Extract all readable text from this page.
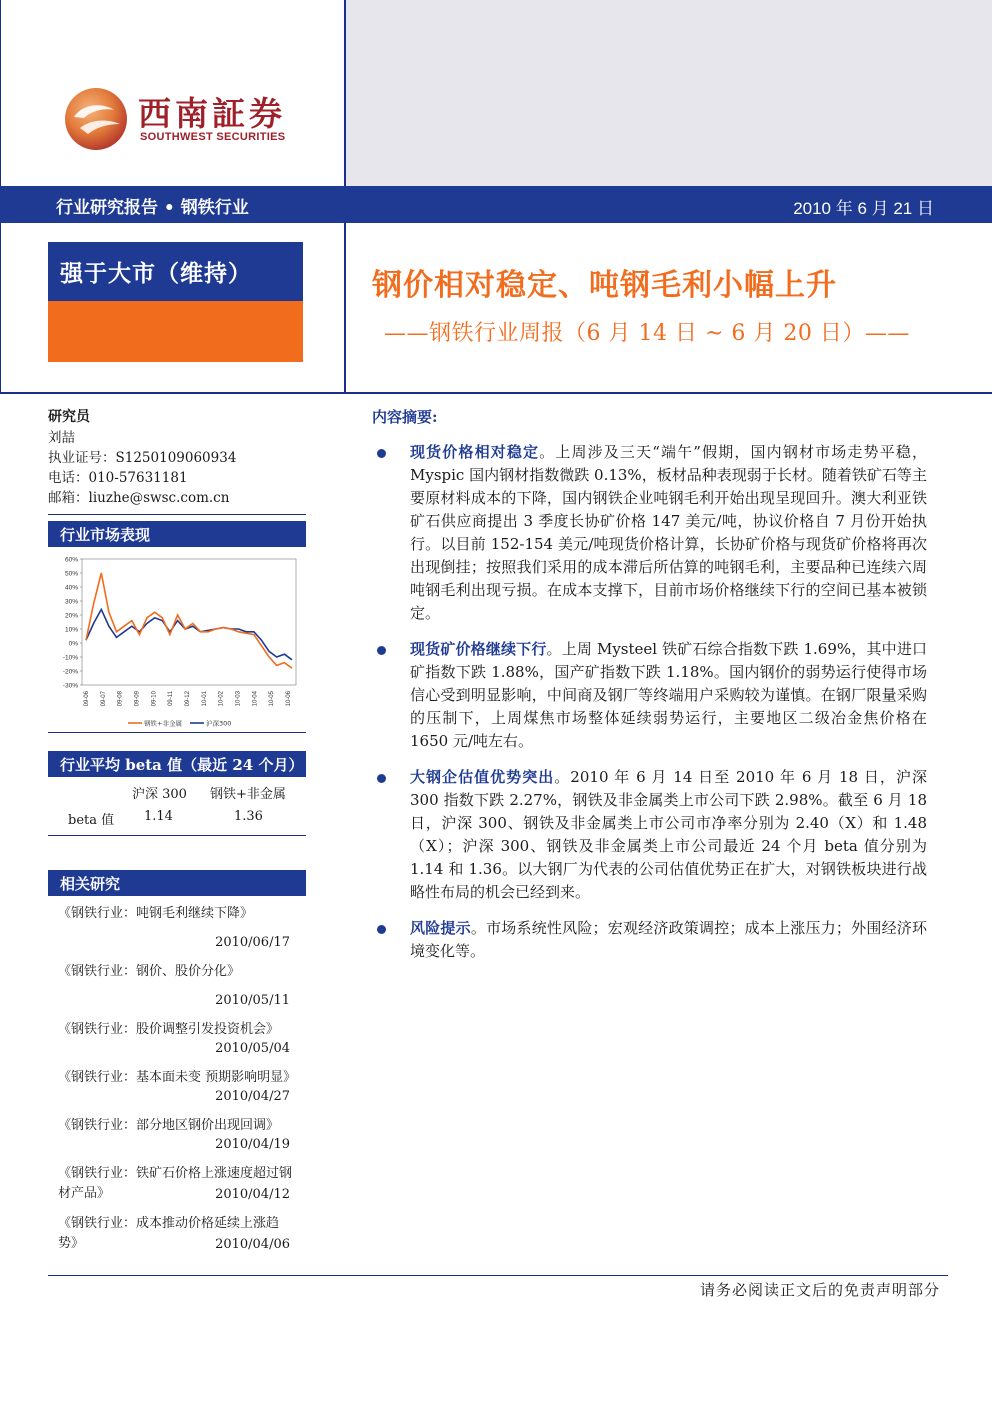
西南証券
SOUTHWEST SECURITIES
行业研究报告 • 钢铁行业	2010 年 6 月 21 日
强于大市（维持）	钢价相对稳定、吨钢毛利小幅上升
——钢铁行业周报（6 月 14 日 ~ 6 月 20 日）——
研究员
刘喆
执业证号：S1250109060934
电话：010-57631181
邮箱：liuzhe@swsc.com.cn
行业市场表现
60%
50%
40%
30%
20%
10%
0%
-10%
-20%
-30%
09-06 09-07 09-08 09-09 09-10 09-11 09-12 10-01 10-02 10-03 10-04 10-05 10-06
钢铁+非金属	沪深300
行业平均 beta 值（最近 24 个月）
沪深 300 钢铁+非金属
beta 值 1.14	1.36
相关研究
《钢铁行业：吨钢毛利继续下降》
2010/06/17
《钢铁行业：钢价、股价分化》
2010/05/11
《钢铁行业：股价调整引发投资机会》
2010/05/04
《钢铁行业：基本面未变 预期影响明显》
2010/04/27
《钢铁行业：部分地区钢价出现回调》
2010/04/19
《钢铁行业：铁矿石价格上涨速度超过钢材产品》	2010/04/12
《钢铁行业：成本推动价格延续上涨趋势》	2010/04/06
内容摘要:
现货价格相对稳定。上周涉及三天“端午”假期，国内钢材市场走势平稳，Myspic 国内钢材指数微跌 0.13%，板材品种表现弱于长材。随着铁矿石等主要原材料成本的下降，国内钢铁企业吨钢毛利开始出现呈现回升。澳大利亚铁矿石供应商提出 3 季度长协矿价格 147 美元/吨，协议价格自 7 月份开始执行。以目前 152-154 美元/吨现货价格计算，长协矿价格与现货矿价格将再次出现倒挂；按照我们采用的成本滞后所估算的吨钢毛利，主要品种已连续六周吨钢毛利出现亏损。在成本支撑下，目前市场价格继续下行的空间已基本被锁定。
现货矿价格继续下行。上周 Mysteel 铁矿石综合指数下跌 1.69%，其中进口矿指数下跌 1.88%，国产矿指数下跌 1.18%。国内钢价的弱势运行使得市场信心受到明显影响，中间商及钢厂等终端用户采购较为谨慎。在钢厂限量采购的压制下，上周煤焦市场整体延续弱势运行，主要地区二级冶金焦价格在 1650 元/吨左右。
大钢企估值优势突出。2010 年 6 月 14 日至 2010 年 6 月 18 日，沪深 300 指数下跌 2.27%，钢铁及非金属类上市公司下跌 2.98%。截至 6 月 18 日，沪深 300、钢铁及非金属类上市公司市净率分别为 2.40（X）和 1.48（X）；沪深 300、钢铁及非金属类上市公司最近 24 个月 beta 值分别为 1.14 和 1.36。以大钢厂为代表的公司估值优势正在扩大，对钢铁板块进行战略性布局的机会已经到来。
风险提示。市场系统性风险；宏观经济政策调控；成本上涨压力；外围经济环境变化等。
请务必阅读正文后的免责声明部分
